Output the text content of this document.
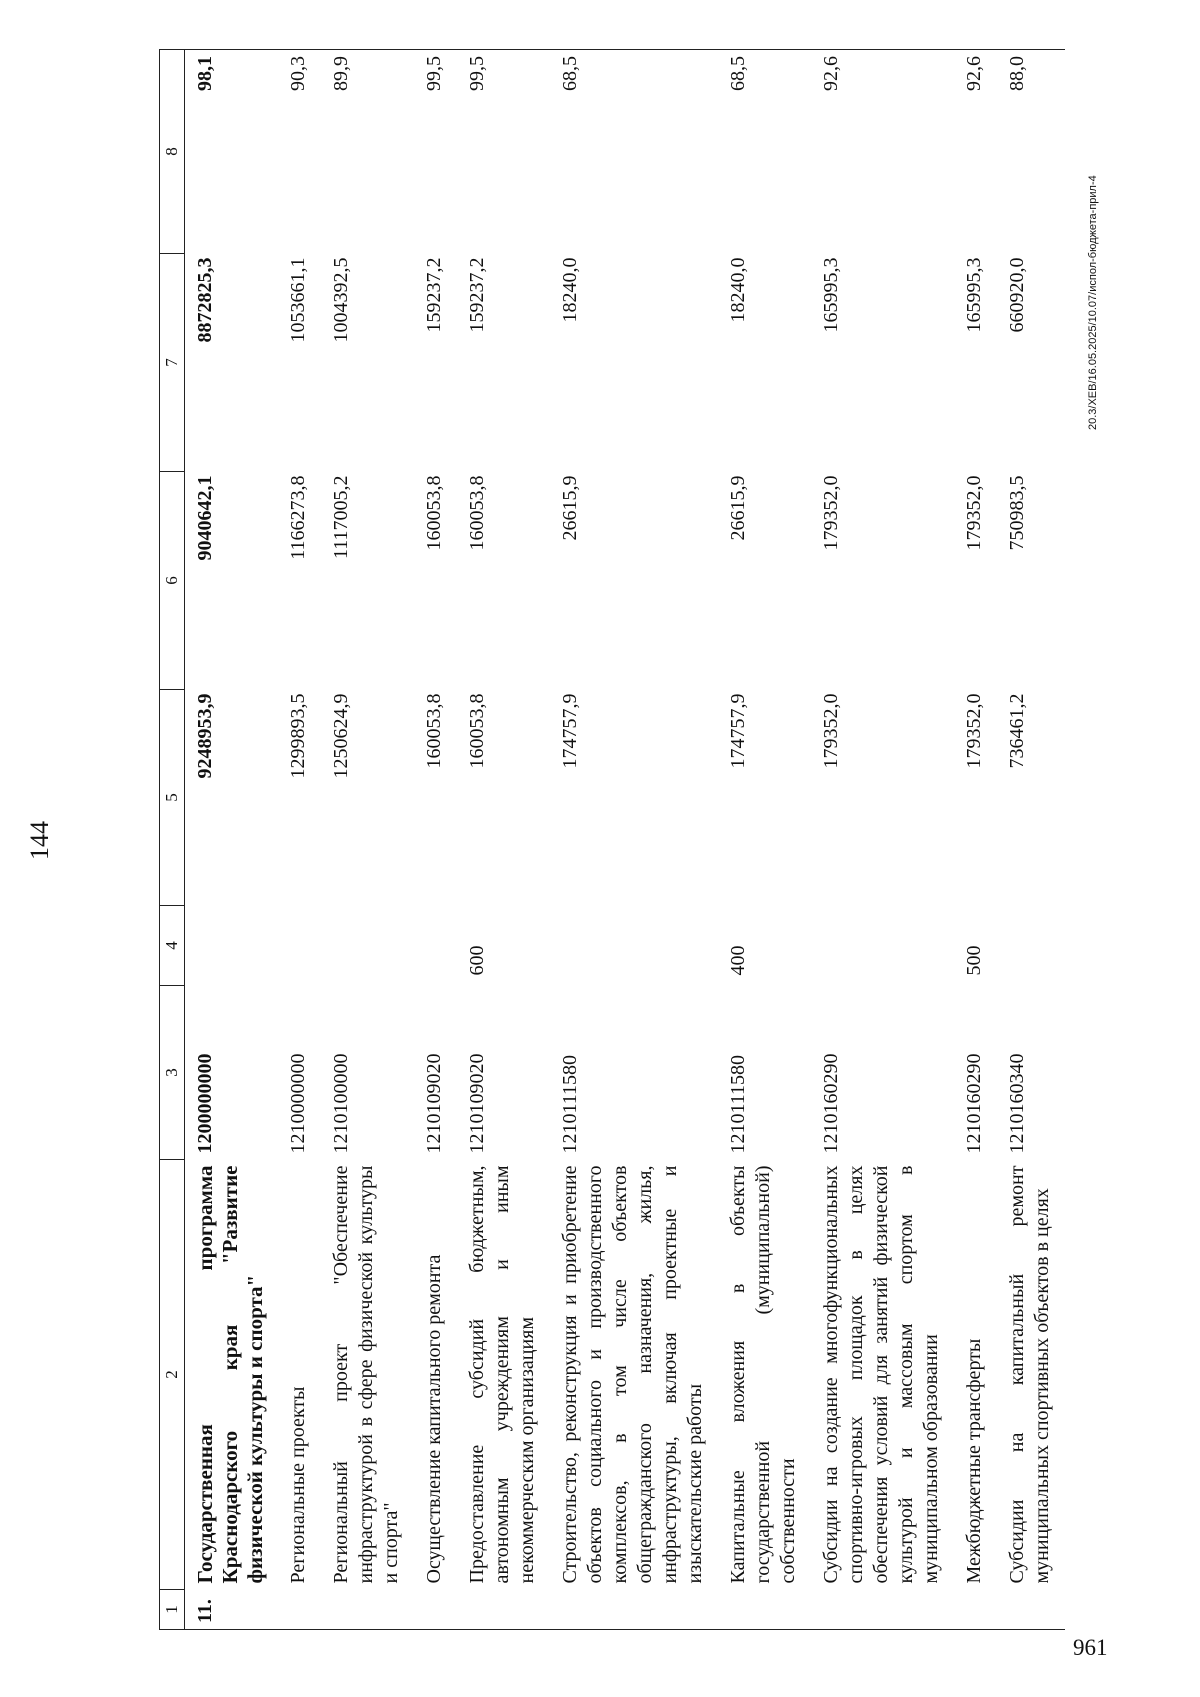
144
1	2	3	4	5	6	7	8
11.	Государственная программа Краснодарского края "Развитие физической культуры и спорта"	1200000000		9248953,9	9040642,1	8872825,3	98,1
	Региональные проекты	1210000000		1299893,5	1166273,8	1053661,1	90,3
	Региональный проект "Обеспечение инфраструктурой в сфере физической культуры и спорта"	1210100000		1250624,9	1117005,2	1004392,5	89,9
	Осуществление капитального ремонта	1210109020		160053,8	160053,8	159237,2	99,5
	Предоставление субсидий бюджетным, автономным учреждениям и иным некоммерческим организациям	1210109020	600	160053,8	160053,8	159237,2	99,5
	Строительство, реконструкция и приобретение объектов социального и производственного комплексов, в том числе объектов общегражданского назначения, жилья, инфраструктуры, включая проектные и изыскательские работы	1210111580		174757,9	26615,9	18240,0	68,5
	Капитальные вложения в объекты государственной (муниципальной) собственности	1210111580	400	174757,9	26615,9	18240,0	68,5
	Субсидии на создание многофункциональных спортивно-игровых площадок в целях обеспечения условий для занятий физической культурой и массовым спортом в муниципальном образовании	1210160290		179352,0	179352,0	165995,3	92,6
	Межбюджетные трансферты	1210160290	500	179352,0	179352,0	165995,3	92,6
	Субсидии на капитальный ремонт муниципальных спортивных объектов в целях	1210160340		736461,2	750983,5	660920,0	88,0
20.3/XEB/16.05.2025/10.07/испол-бюджета-прил-4
961
